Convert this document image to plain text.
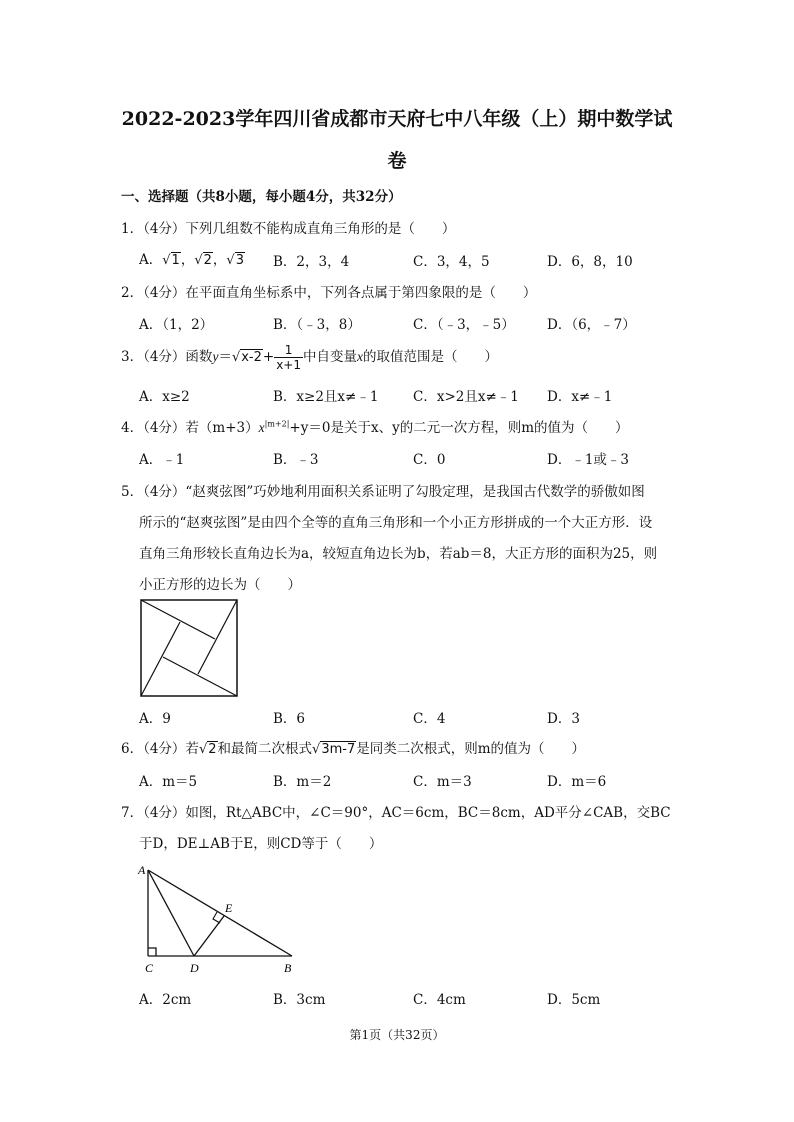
2022-2023学年四川省成都市天府七中八年级（上）期中数学试
卷
一、选择题（共8小题，每小题4分，共32分）
1．（4分）下列几组数不能构成直角三角形的是（　　）
A．√1，√2，√3 B．2，3，4	C．3，4，5	D．6，8，10
2．（4分）在平面直角坐标系中，下列各点属于第四象限的是（　　）
A．（1，2）	B．（﹣3，8）	C．（﹣3，﹣5） D．（6，﹣7）
3．（4分）函数$y=√x-2+ \frac{1}{x+1}$ 中自变量x的取值范围是（　　）
A．x≥2	B．x≥2且x≠﹣1	C．x>2且x≠﹣1 D．x≠﹣1
4．（4分）若$(m+3)x^{|m+2|}+y=0$是关于x、y的二元一次方程，则m的值为（　　）
A．﹣1	B．﹣3	C．0	D．﹣1或﹣3
5．（4分）“赵爽弦图”巧妙地利用面积关系证明了勾股定理，是我国古代数学的骄傲如图
所示的“赵爽弦图”是由四个全等的直角三角形和一个小正方形拼成的一个大正方形．设
直角三角形较长直角边长为a，较短直角边长为b，若ab＝8，大正方形的面积为25，则
小正方形的边长为（　　）
A．9	B．6	C．4	D．3
6．（4分）若√2和最简二次根式√3m-7是同类二次根式，则m的值为（　　）
A．m＝5	B．m＝2	C．m＝3	D．m＝6
7．（4分）如图，Rt△ABC中，∠C＝90°，AC＝6cm，BC＝8cm，AD平分∠CAB，交BC
于D，DE⊥AB于E，则CD等于（　　）
A
C	D	B
E
A．2cm	B．3cm	C．4cm	D．5cm
第1页（共32页）
